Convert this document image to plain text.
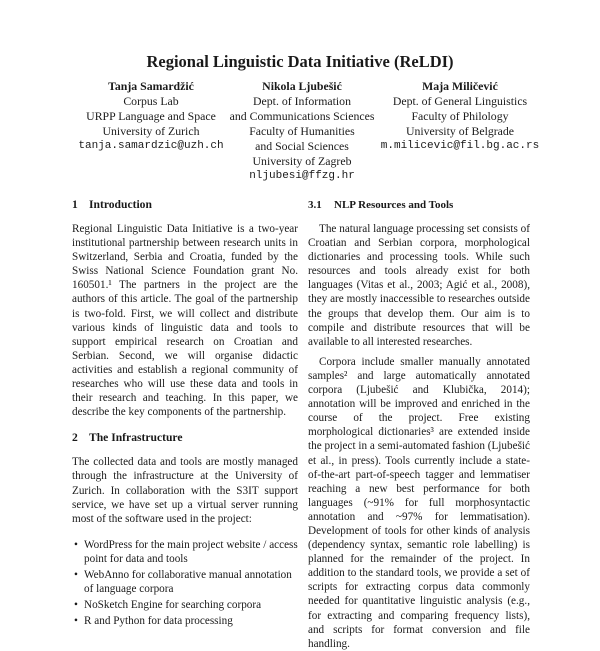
Regional Linguistic Data Initiative (ReLDI)
Tanja Samardžić
Corpus Lab
URPP Language and Space
University of Zurich
tanja.samardzic@uzh.ch
Nikola Ljubešić
Dept. of Information
and Communications Sciences
Faculty of Humanities
and Social Sciences
University of Zagreb
nljubesi@ffzg.hr
Maja Miličević
Dept. of General Linguistics
Faculty of Philology
University of Belgrade
m.milicevic@fil.bg.ac.rs
1 Introduction

Regional Linguistic Data Initiative is a two-year institutional partnership between research units in Switzerland, Serbia and Croatia, funded by the Swiss National Science Foundation grant No. 160501.¹ The partners in the project are the authors of this article. The goal of the partnership is two-fold. First, we will collect and distribute various kinds of linguistic data and tools to support empirical research on Croatian and Serbian. Second, we will organise didactic activities and establish a regional community of researches who will use these data and tools in their research and teaching. In this paper, we describe the key components of the partnership.

2 The Infrastructure

The collected data and tools are mostly managed through the infrastructure at the University of Zurich. In collaboration with the S3IT support service, we have set up a virtual server running most of the software used in the project:

• WordPress for the main project website / access point for data and tools
• WebAnno for collaborative manual annotation of language corpora
• NoSketch Engine for searching corpora
• R and Python for data processing
3.1 NLP Resources and Tools

The natural language processing set consists of Croatian and Serbian corpora, morphological dictionaries and processing tools. While such resources and tools already exist for both languages (Vitas et al., 2003; Agić et al., 2008), they are mostly inaccessible to researches outside the groups that develop them. Our aim is to compile and distribute resources that will be available to all interested researches.

Corpora include smaller manually annotated samples² and large automatically annotated corpora (Ljubešić and Klubička, 2014); annotation will be improved and enriched in the course of the project. Free existing morphological dictionaries³ are extended inside the project in a semi-automated fashion (Ljubešić et al., in press). Tools currently include a state-of-the-art part-of-speech tagger and lemmatiser reaching a new best performance for both languages (~91% for full morphosyntactic annotation and ~97% for lemmatisation). Development of tools for other kinds of analysis (dependency syntax, semantic role labelling) is planned for the remainder of the project. In addition to the standard tools, we provide a set of scripts for extracting corpus data commonly needed for quantitative linguistic analysis (e.g., for extracting and comparing frequency lists), and scripts for format conversion and file handling.
